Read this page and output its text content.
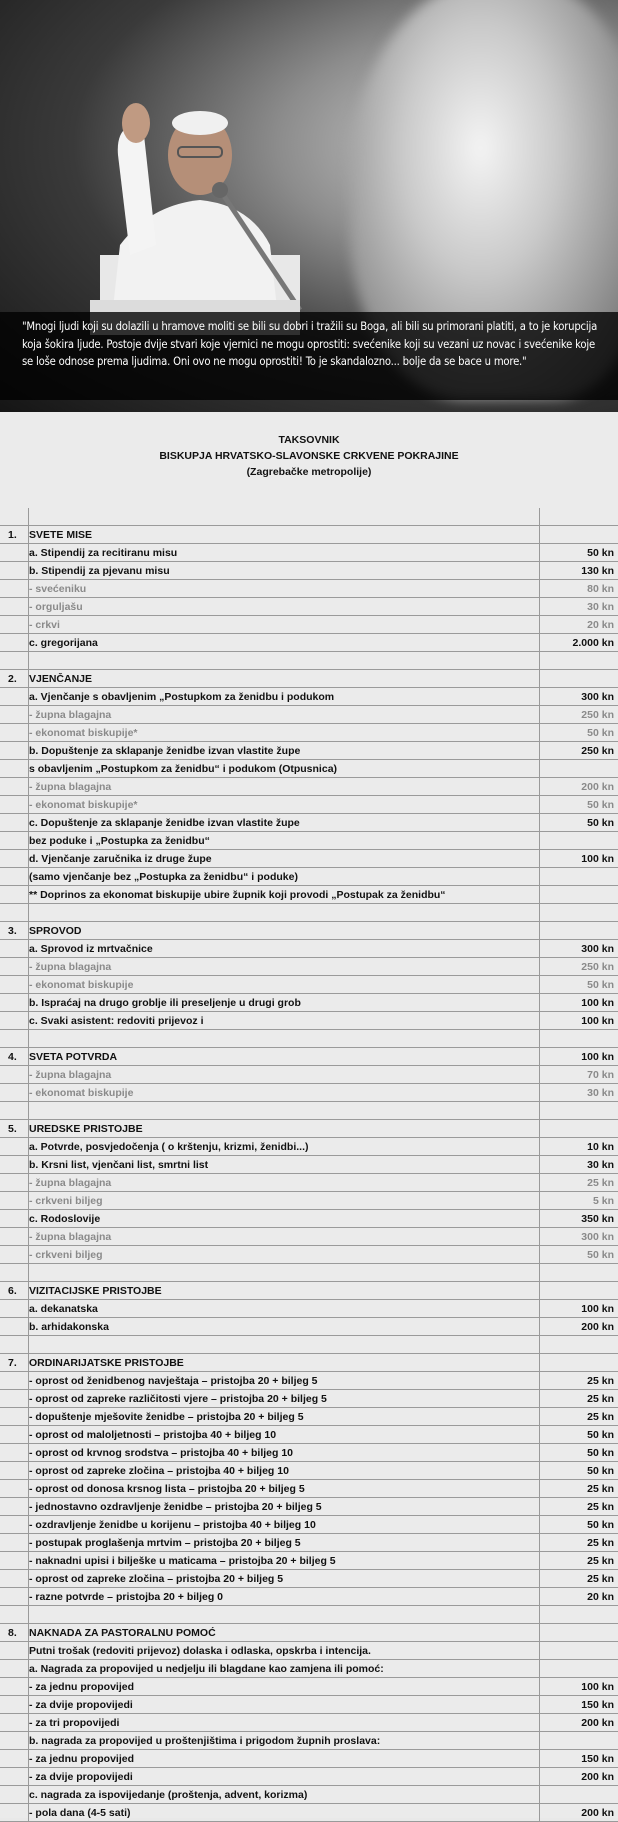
"Mnogi ljudi koji su dolazili u hramove moliti se bili su dobri i tražili su Boga, ali bili su primorani platiti, a to je korupcija koja šokira ljude. Postoje dvije stvari koje vjernici ne mogu oprostiti: svećenike koji su vezani uz novac i svećenike koje se loše odnose prema ljudima. Oni ovo ne mogu oprostiti! To je skandalozno... bolje da se bace u more."
TAKSOVNIK
BISKUPJA HRVATSKO-SLAVONSKE CRKVENE POKRAJINE
(Zagrebačke metropolije)
1.	SVETE MISE
a. Stipendij za recitiranu misu	50 kn
b. Stipendij za pjevanu misu	130 kn
- svećeniku	80 kn
- orguljašu	30 kn
- crkvi	20 kn
c. gregorijana	2.000 kn
2.	VJENČANJE
a. Vjenčanje s obavljenim „Postupkom za ženidbu i podukom	300 kn
- župna blagajna	250 kn
- ekonomat biskupije*	50 kn
b. Dopuštenje za sklapanje ženidbe izvan vlastite župe	250 kn
s obavljenim „Postupkom za ženidbu“ i podukom (Otpusnica)
- župna blagajna	200 kn
- ekonomat biskupije*	50 kn
c. Dopuštenje za sklapanje ženidbe izvan vlastite župe	50 kn
bez poduke i „Postupka za ženidbu“
d. Vjenčanje zaručnika iz druge župe	100 kn
(samo vjenčanje bez „Postupka za ženidbu“ i poduke)
** Doprinos za ekonomat biskupije ubire župnik koji provodi „Postupak za ženidbu“
3.	SPROVOD
a. Sprovod iz mrtvačnice	300 kn
- župna blagajna	250 kn
- ekonomat biskupije	50 kn
b. Ispraćaj na drugo groblje ili preseljenje u drugi grob	100 kn
c. Svaki asistent: redoviti prijevoz i	100 kn
4.	SVETA POTVRDA	100 kn
- župna blagajna	70 kn
- ekonomat biskupije	30 kn
5.	UREDSKE PRISTOJBE
a. Potvrde, posvjedočenja ( o krštenju, krizmi, ženidbi...)	10 kn
b. Krsni list, vjenčani list, smrtni list	30 kn
- župna blagajna	25 kn
- crkveni biljeg	5 kn
c. Rodoslovije	350 kn
- župna blagajna	300 kn
- crkveni biljeg	50 kn
6.	VIZITACIJSKE PRISTOJBE
a. dekanatska	100 kn
b. arhidakonska	200 kn
7.	ORDINARIJATSKE PRISTOJBE
- oprost od ženidbenog navještaja – pristojba 20 + biljeg 5	25 kn
- oprost od zapreke različitosti vjere – pristojba 20 + biljeg 5	25 kn
- dopuštenje mješovite ženidbe – pristojba 20 + biljeg 5	25 kn
- oprost od maloljetnosti – pristojba 40 + biljeg 10	50 kn
- oprost od krvnog srodstva – pristojba 40 + biljeg 10	50 kn
- oprost od zapreke zločina – pristojba 40 + biljeg 10	50 kn
- oprost od donosa krsnog lista – pristojba 20 + biljeg 5	25 kn
- jednostavno ozdravljenje ženidbe – pristojba 20 + biljeg 5	25 kn
- ozdravljenje ženidbe u korijenu – pristojba 40 + biljeg 10	50 kn
- postupak proglašenja mrtvim – pristojba 20 + biljeg 5	25 kn
- naknadni upisi i bilješke u maticama – pristojba 20 + biljeg 5	25 kn
- oprost od zapreke zločina – pristojba 20 + biljeg 5	25 kn
- razne potvrde – pristojba 20 + biljeg 0	20 kn
8.	NAKNADA ZA PASTORALNU POMOĆ
Putni trošak (redoviti prijevoz) dolaska i odlaska, opskrba i intencija.
a. Nagrada za propovijed u nedjelju ili blagdane kao zamjena ili pomoć:
- za jednu propovijed	100 kn
- za dvije propovijedi	150 kn
- za tri propovijedi	200 kn
b. nagrada za propovijed u proštenjištima i prigodom župnih proslava:
- za jednu propovijed	150 kn
- za dvije propovijedi	200 kn
c. nagrada za ispovijedanje (proštenja, advent, korizma)
- pola dana (4-5 sati)	200 kn
